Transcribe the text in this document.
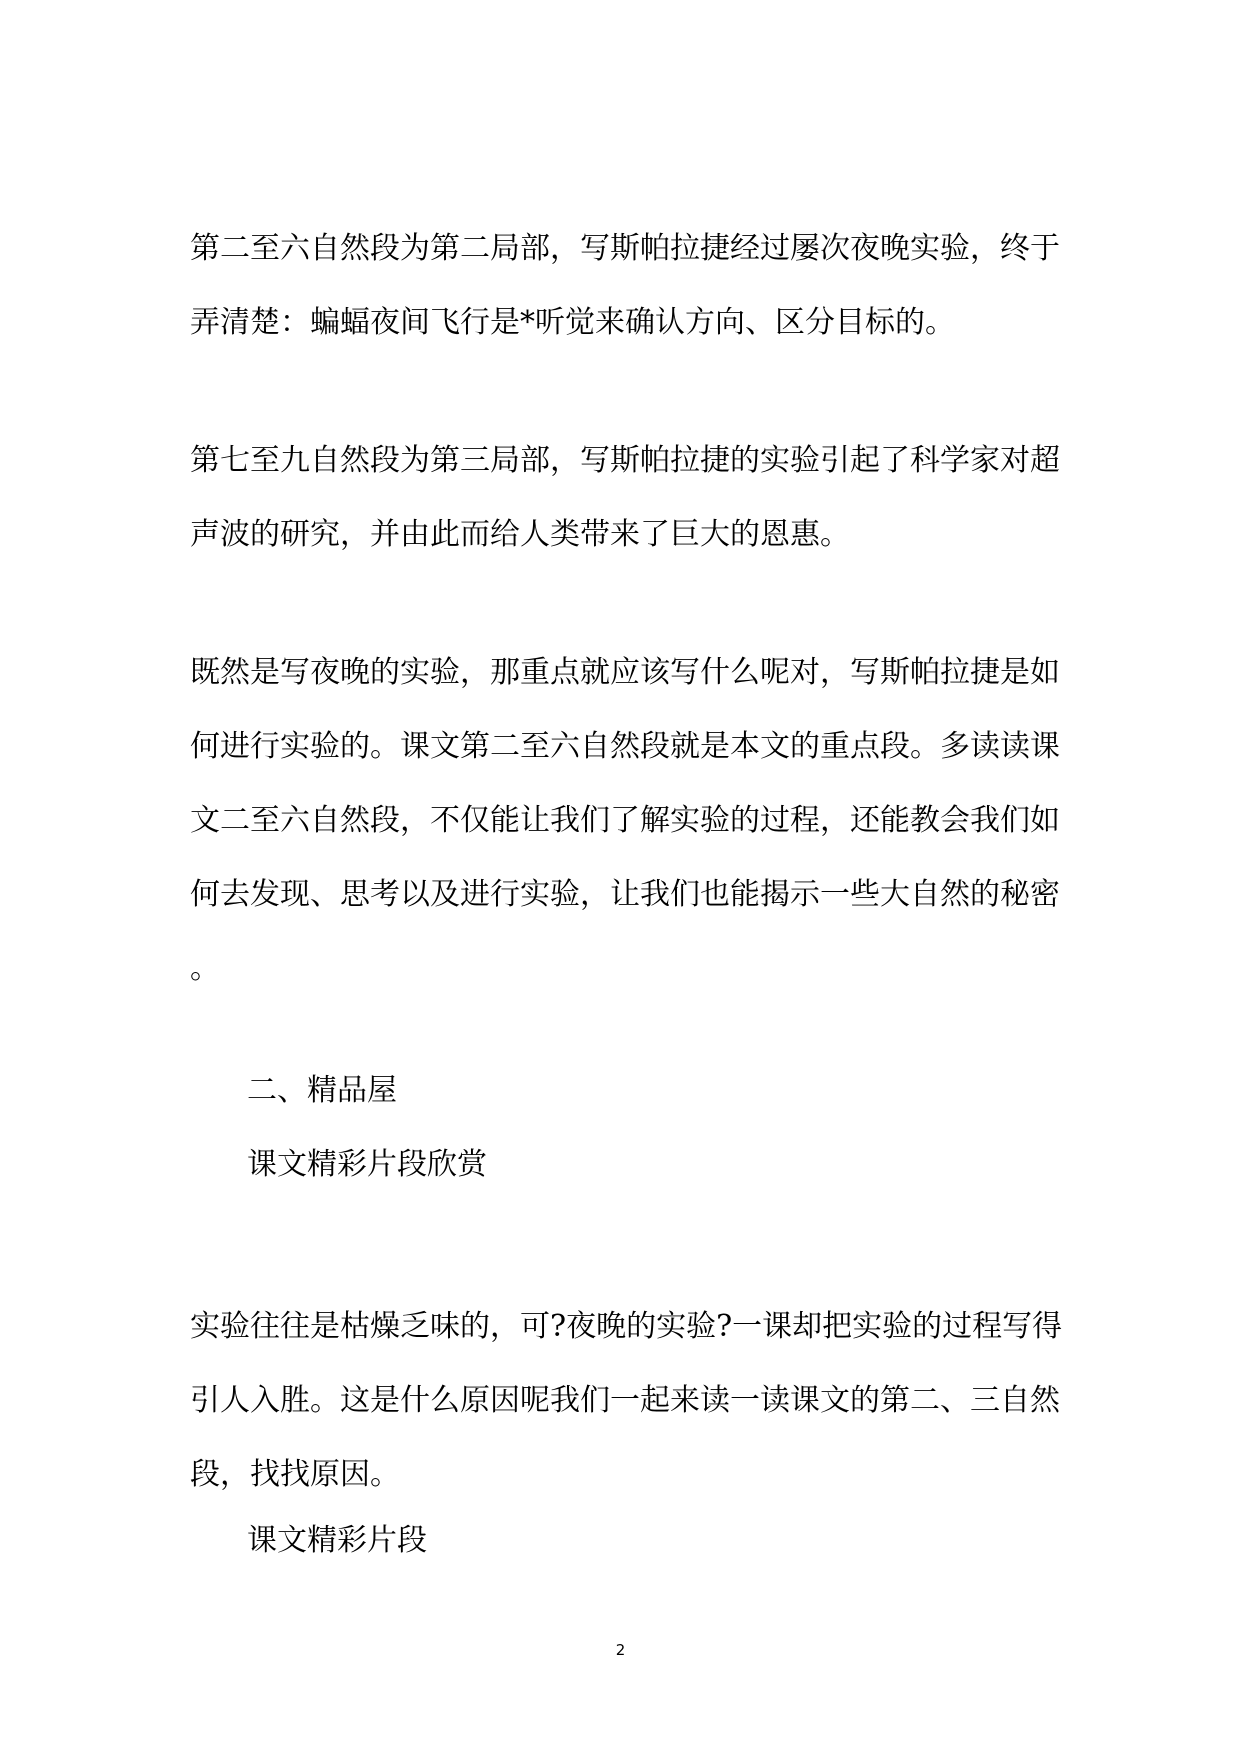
第二至六自然段为第二局部，写斯帕拉捷经过屡次夜晚实验，终于
弄清楚：蝙蝠夜间飞行是*听觉来确认方向、区分目标的。
第七至九自然段为第三局部，写斯帕拉捷的实验引起了科学家对超
声波的研究，并由此而给人类带来了巨大的恩惠。
既然是写夜晚的实验，那重点就应该写什么呢对，写斯帕拉捷是如
何进行实验的。课文第二至六自然段就是本文的重点段。多读读课
文二至六自然段，不仅能让我们了解实验的过程，还能教会我们如
何去发现、思考以及进行实验，让我们也能揭示一些大自然的秘密
。

二、精品屋

课文精彩片段欣赏

实验往往是枯燥乏味的，可?夜晚的实验?一课却把实验的过程写得
引人入胜。这是什么原因呢我们一起来读一读课文的第二、三自然
段，找找原因。

课文精彩片段

2
